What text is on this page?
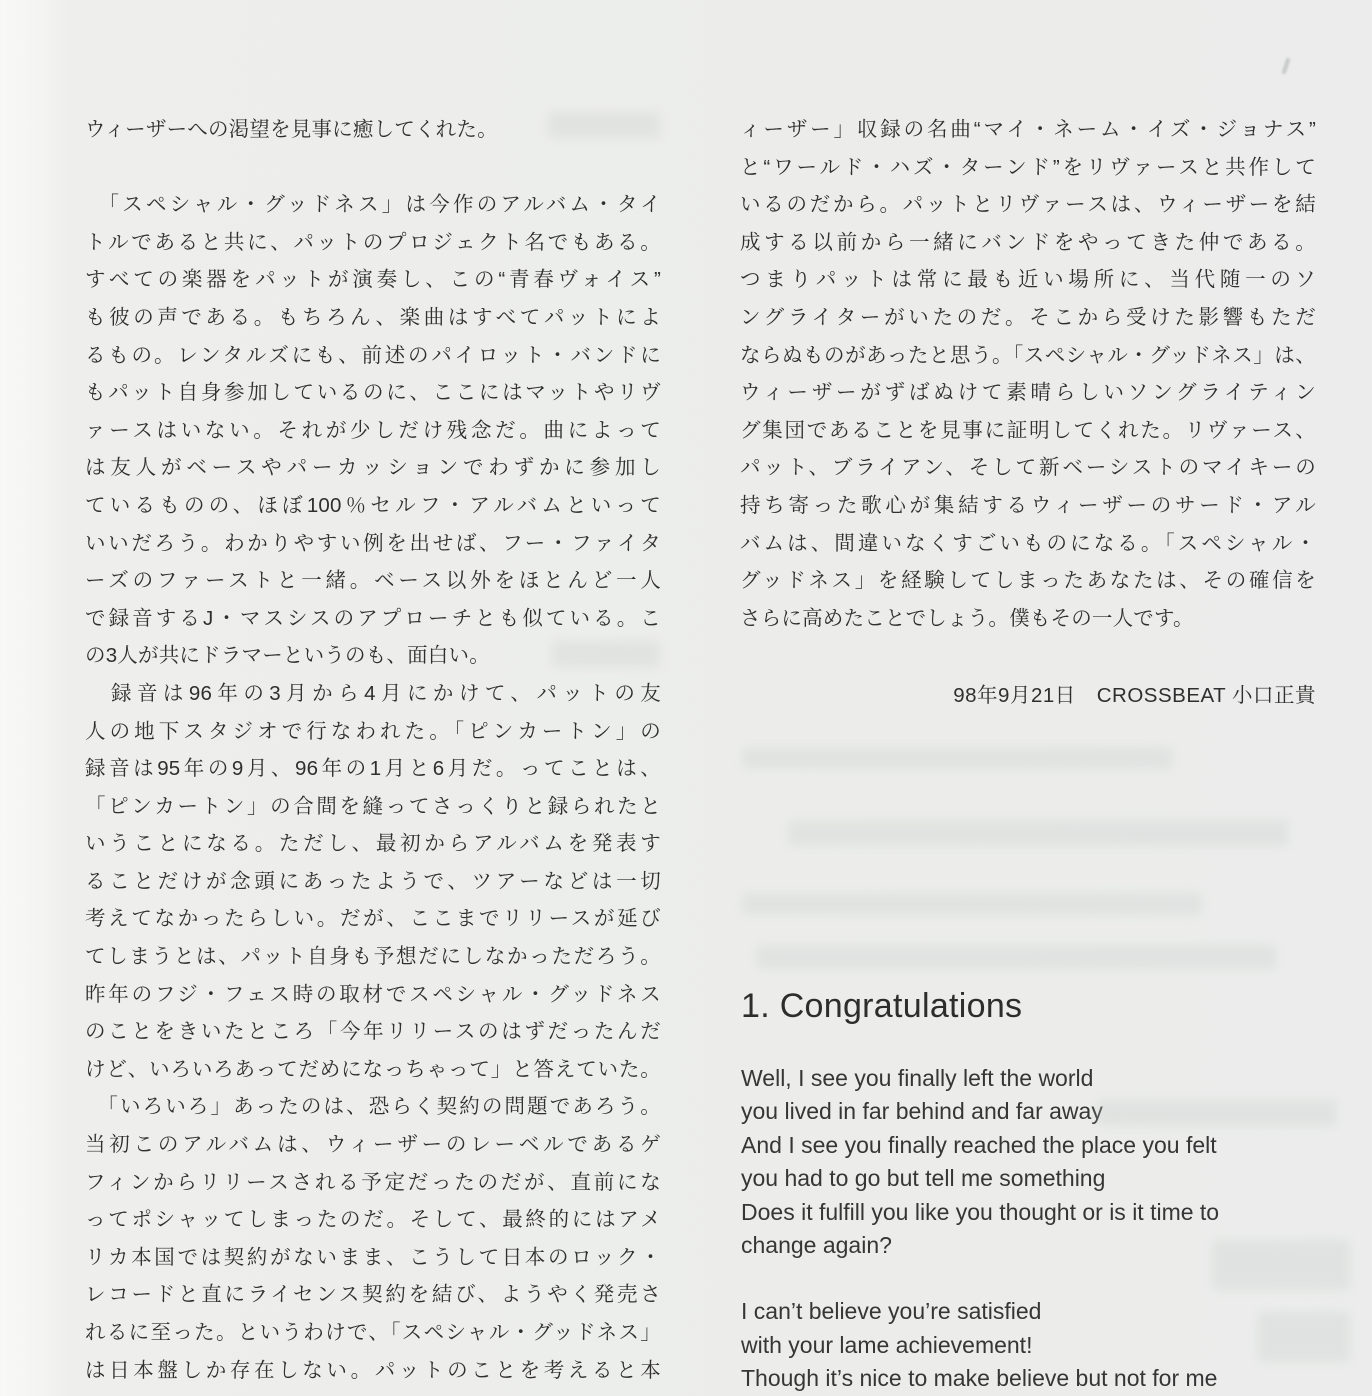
ウィーザーへの渇望を見事に癒してくれた。
　「スペシャル・グッドネス」は今作のアルバム・タイ
トルであると共に、パットのプロジェクト名でもある。
すべての楽器をパットが演奏し、この“青春ヴォイス”
も彼の声である。もちろん、楽曲はすべてパットによ
るもの。レンタルズにも、前述のパイロット・バンドに
もパット自身参加しているのに、ここにはマットやリヴ
ァースはいない。それが少しだけ残念だ。曲によって
は友人がベースやパーカッションでわずかに参加し
ているものの、ほぼ100％セルフ・アルバムといって
いいだろう。わかりやすい例を出せば、フー・ファイタ
ーズのファーストと一緒。ベース以外をほとんど一人
で録音するJ・マスシスのアプローチとも似ている。こ
の3人が共にドラマーというのも、面白い。
　録音は96年の3月から4月にかけて、パットの友
人の地下スタジオで行なわれた。「ピンカートン」の
録音は95年の9月、96年の1月と6月だ。ってことは、
「ピンカートン」の合間を縫ってさっくりと録られたと
いうことになる。ただし、最初からアルバムを発表す
ることだけが念頭にあったようで、ツアーなどは一切
考えてなかったらしい。だが、ここまでリリースが延び
てしまうとは、パット自身も予想だにしなかっただろう。
昨年のフジ・フェス時の取材でスペシャル・グッドネス
のことをきいたところ「今年リリースのはずだったんだ
けど、いろいろあってだめになっちゃって」と答えていた。
　「いろいろ」あったのは、恐らく契約の問題であろう。
当初このアルバムは、ウィーザーのレーベルであるゲ
フィンからリリースされる予定だったのだが、直前にな
ってポシャッてしまったのだ。そして、最終的にはアメ
リカ本国では契約がないまま、こうして日本のロック・
レコードと直にライセンス契約を結び、ようやく発売さ
れるに至った。というわけで、「スペシャル・グッドネス」
は日本盤しか存在しない。パットのことを考えると本
ィーザー」収録の名曲“マイ・ネーム・イズ・ジョナス”
と“ワールド・ハズ・ターンド”をリヴァースと共作して
いるのだから。パットとリヴァースは、ウィーザーを結
成する以前から一緒にバンドをやってきた仲である。
つまりパットは常に最も近い場所に、当代随一のソ
ングライターがいたのだ。そこから受けた影響もただ
ならぬものがあったと思う。「スペシャル・グッドネス」は、
ウィーザーがずばぬけて素晴らしいソングライティン
グ集団であることを見事に証明してくれた。リヴァース、
パット、ブライアン、そして新ベーシストのマイキーの
持ち寄った歌心が集結するウィーザーのサード・アル
バムは、間違いなくすごいものになる。「スペシャル・
グッドネス」を経験してしまったあなたは、その確信を
さらに高めたことでしょう。僕もその一人です。
98年9月21日　CROSSBEAT 小口正貴
1. Congratulations
Well, I see you finally left the world
you lived in far behind and far away
And I see you finally reached the place you felt
you had to go but tell me something
Does it fulfill you like you thought or is it time to
change again?
I can’t believe you’re satisfied
with your lame achievement!
Though it’s nice to make believe but not for me
